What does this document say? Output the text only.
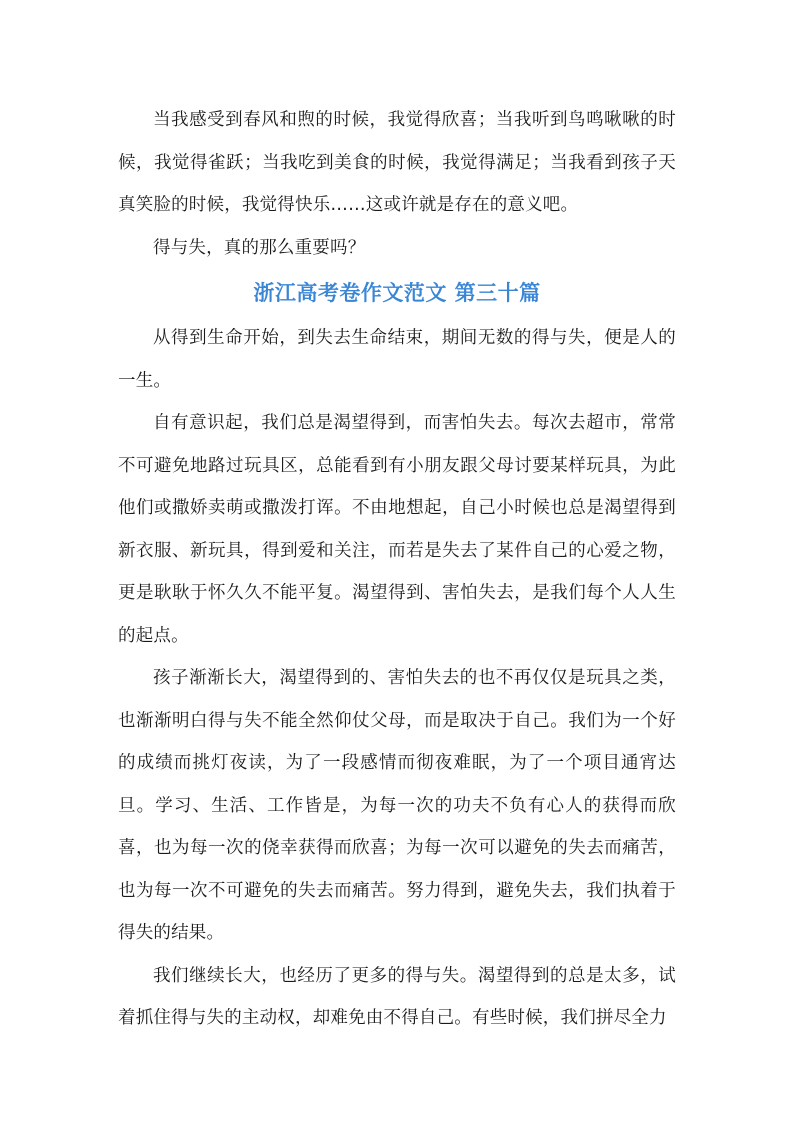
当我感受到春风和煦的时候，我觉得欣喜；当我听到鸟鸣啾啾的时候，我觉得雀跃；当我吃到美食的时候，我觉得满足；当我看到孩子天真笑脸的时候，我觉得快乐……这或许就是存在的意义吧。

得与失，真的那么重要吗？

浙江高考卷作文范文 第三十篇

从得到生命开始，到失去生命结束，期间无数的得与失，便是人的一生。

自有意识起，我们总是渴望得到，而害怕失去。每次去超市，常常不可避免地路过玩具区，总能看到有小朋友跟父母讨要某样玩具，为此他们或撒娇卖萌或撒泼打诨。不由地想起，自己小时候也总是渴望得到新衣服、新玩具，得到爱和关注，而若是失去了某件自己的心爱之物，更是耿耿于怀久久不能平复。渴望得到、害怕失去，是我们每个人人生的起点。

孩子渐渐长大，渴望得到的、害怕失去的也不再仅仅是玩具之类，也渐渐明白得与失不能全然仰仗父母，而是取决于自己。我们为一个好的成绩而挑灯夜读，为了一段感情而彻夜难眠，为了一个项目通宵达旦。学习、生活、工作皆是，为每一次的功夫不负有心人的获得而欣喜，也为每一次的侥幸获得而欣喜；为每一次可以避免的失去而痛苦，也为每一次不可避免的失去而痛苦。努力得到，避免失去，我们执着于得失的结果。

我们继续长大，也经历了更多的得与失。渴望得到的总是太多，试着抓住得与失的主动权，却难免由不得自己。有些时候，我们拼尽全力
